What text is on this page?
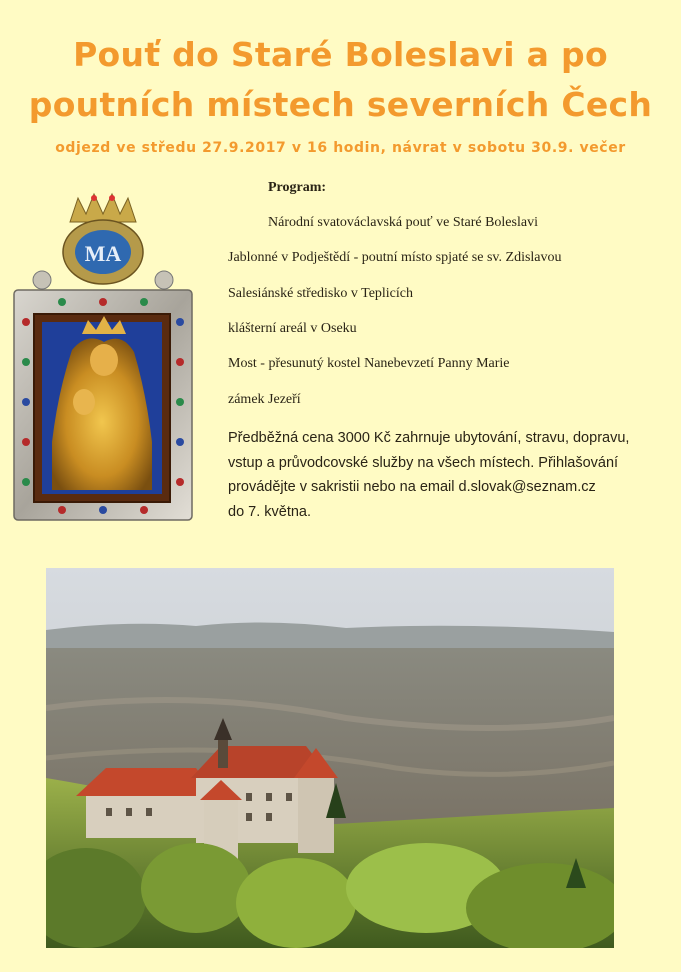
Pouť do Staré Boleslavi a po
poutních místech severních Čech
odjezd ve středu 27.9.2017 v 16 hodin, návrat v sobotu 30.9. večer
MA
Program:
Národní svatováclavská pouť ve Staré Boleslavi
Jablonné v Podještědí - poutní místo spjaté se sv. Zdislavou
Salesiánské středisko v Teplicích
klášterní areál v Oseku
Most - přesunutý kostel Nanebevzetí Panny Marie
zámek Jezeří
Předběžná cena 3000 Kč zahrnuje ubytování, stravu, dopravu,
vstup a průvodcovské služby na všech místech. Přihlašování
provádějte v sakristii nebo na email d.slovak@seznam.cz
do 7. května.
